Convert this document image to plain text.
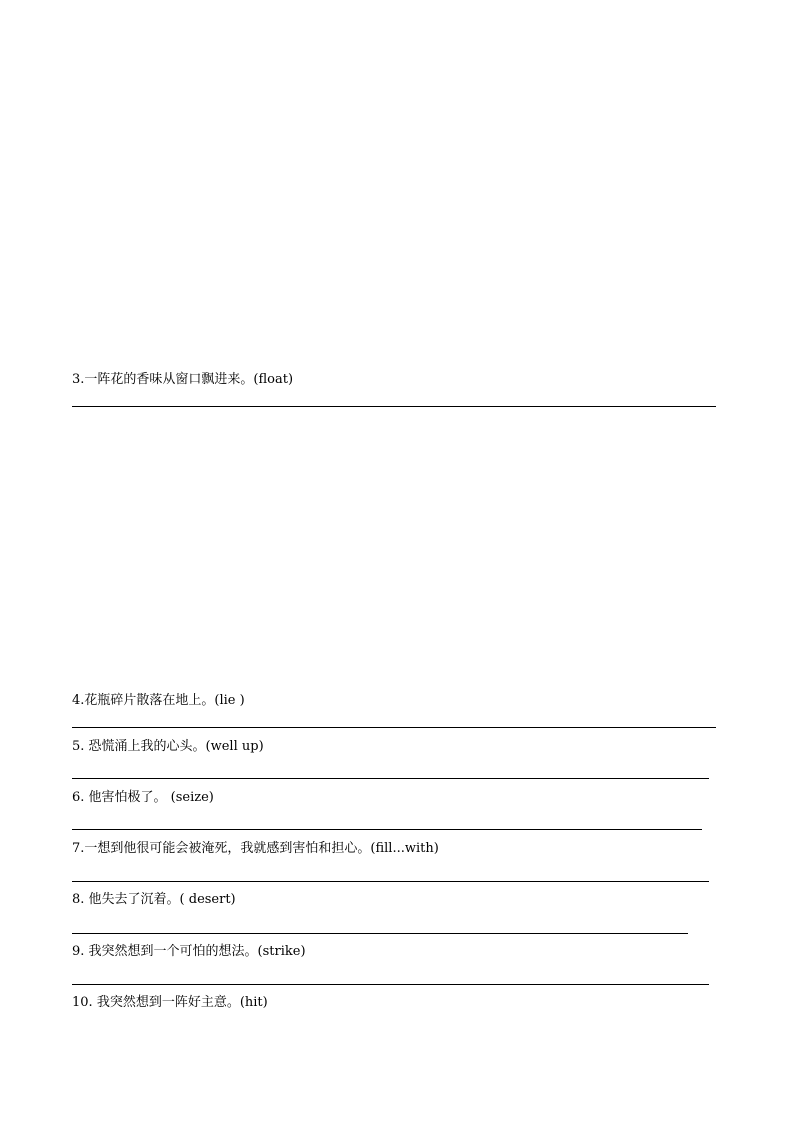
3.一阵花的香味从窗口飘进来。(float)
4.花瓶碎片散落在地上。(lie )
5. 恐慌涌上我的心头。(well up)
6. 他害怕极了。 (seize)
7.一想到他很可能会被淹死，我就感到害怕和担心。(fill...with)
8. 他失去了沉着。( desert)
9. 我突然想到一个可怕的想法。(strike)
10. 我突然想到一阵好主意。(hit)
